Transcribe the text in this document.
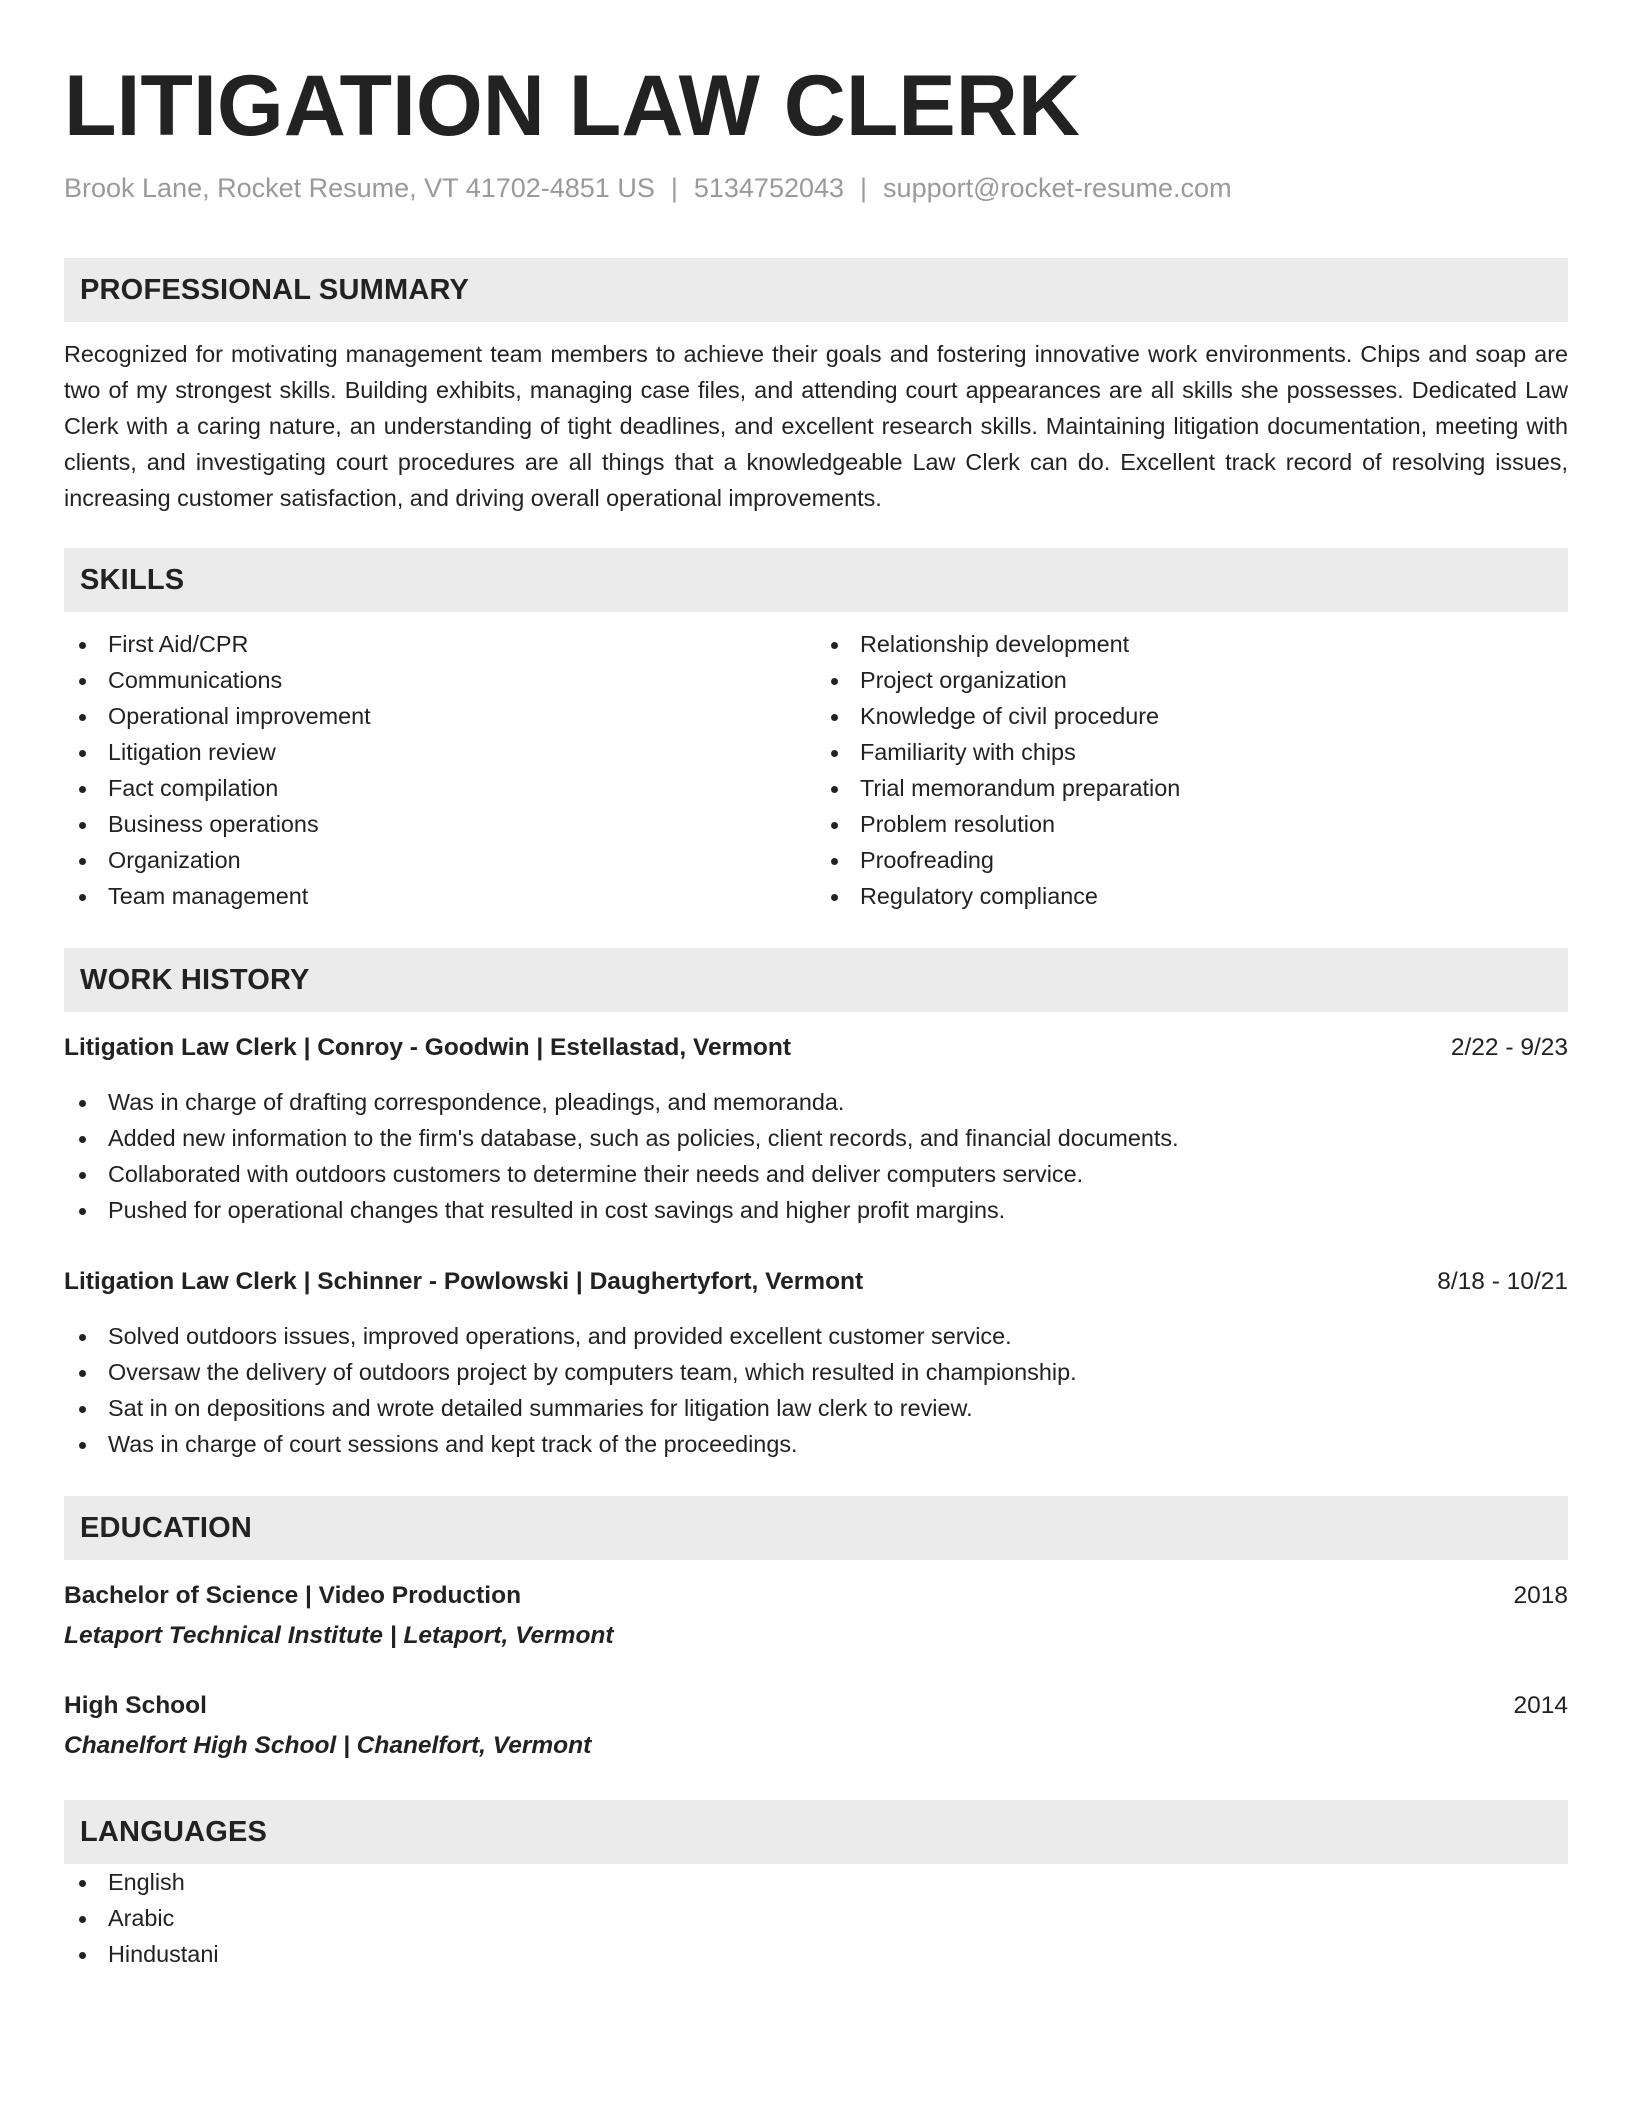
LITIGATION LAW CLERK
Brook Lane, Rocket Resume, VT 41702-4851 US | 5134752043 | support@rocket-resume.com
PROFESSIONAL SUMMARY

Recognized for motivating management team members to achieve their goals and fostering innovative work environments. Chips and soap are two of my strongest skills. Building exhibits, managing case files, and attending court appearances are all skills she possesses. Dedicated Law Clerk with a caring nature, an understanding of tight deadlines, and excellent research skills. Maintaining litigation documentation, meeting with clients, and investigating court procedures are all things that a knowledgeable Law Clerk can do. Excellent track record of resolving issues, increasing customer satisfaction, and driving overall operational improvements.

SKILLS
First Aid/CPR
Communications
Operational improvement
Litigation review
Fact compilation
Business operations
Organization
Team management
Relationship development
Project organization
Knowledge of civil procedure
Familiarity with chips
Trial memorandum preparation
Problem resolution
Proofreading
Regulatory compliance
WORK HISTORY
Litigation Law Clerk | Conroy - Goodwin | Estellastad, Vermont	2/22 - 9/23
Was in charge of drafting correspondence, pleadings, and memoranda.
Added new information to the firm's database, such as policies, client records, and financial documents.
Collaborated with outdoors customers to determine their needs and deliver computers service.
Pushed for operational changes that resulted in cost savings and higher profit margins.
Litigation Law Clerk | Schinner - Powlowski | Daughertyfort, Vermont	8/18 - 10/21
Solved outdoors issues, improved operations, and provided excellent customer service.
Oversaw the delivery of outdoors project by computers team, which resulted in championship.
Sat in on depositions and wrote detailed summaries for litigation law clerk to review.
Was in charge of court sessions and kept track of the proceedings.
EDUCATION
Bachelor of Science | Video Production	2018
Letaport Technical Institute | Letaport, Vermont
High School	2014
Chanelfort High School | Chanelfort, Vermont
LANGUAGES
English
Arabic
Hindustani
